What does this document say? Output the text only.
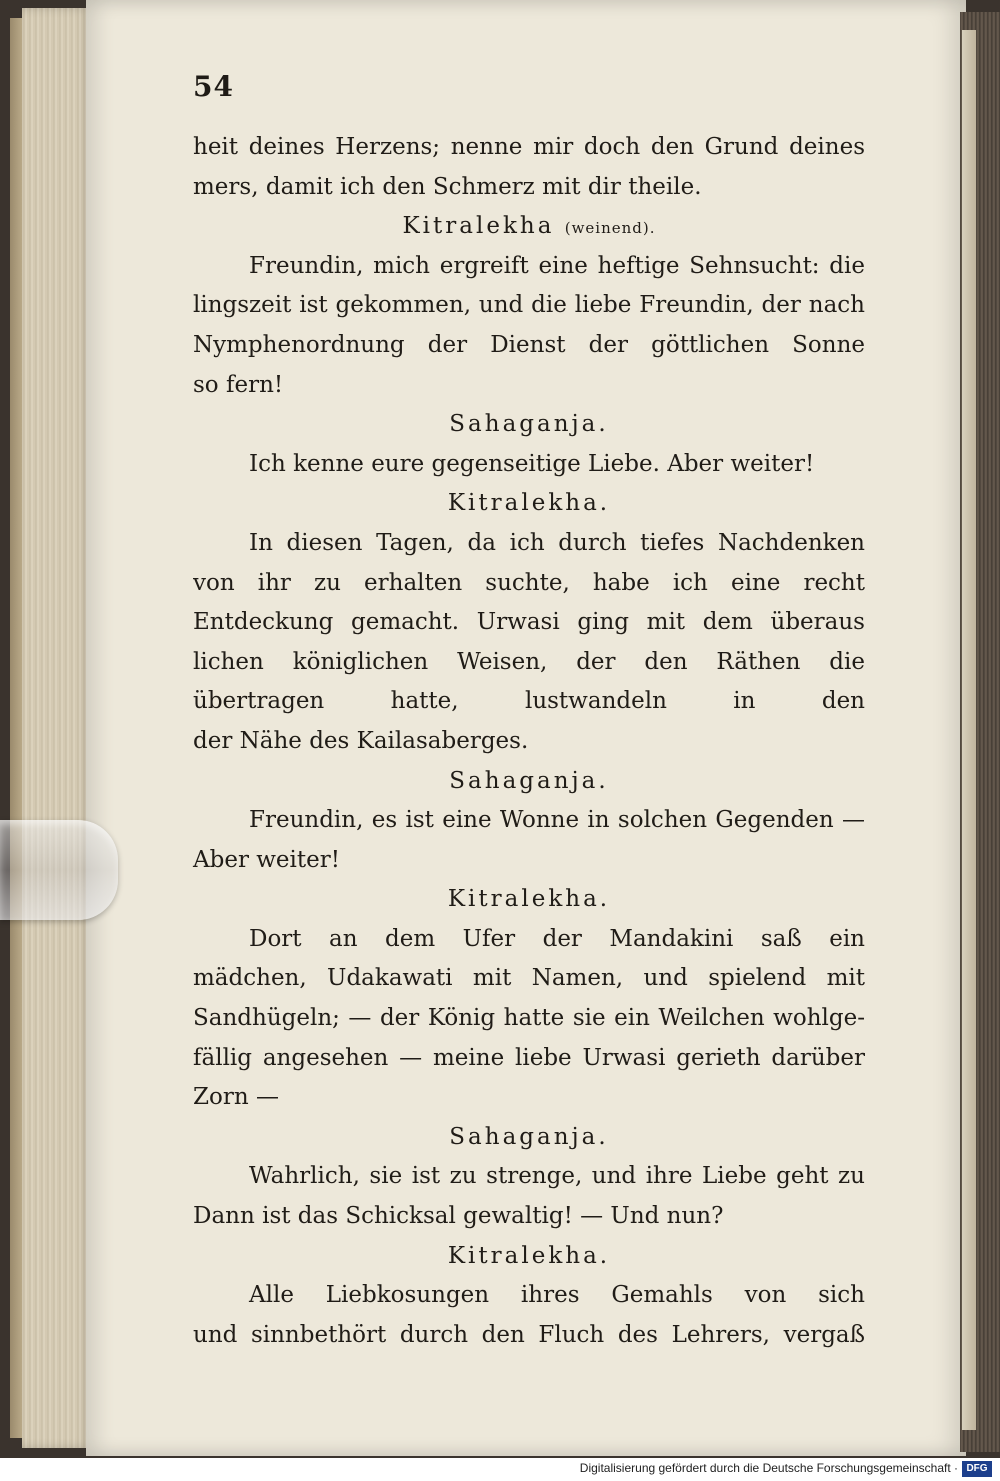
54
heit deines Herzens; nenne mir doch den Grund deines
mers, damit ich den Schmerz mit dir theile.
Kitralekha (weinend).
Freundin, mich ergreift eine heftige Sehnsucht: die
lingszeit ist gekommen, und die liebe Freundin, der nach
Nymphenordnung der Dienst der göttlichen Sonne
so fern!
Sahaganja.
Ich kenne eure gegenseitige Liebe. Aber weiter!
Kitralekha.
In diesen Tagen, da ich durch tiefes Nachdenken
von ihr zu erhalten suchte, habe ich eine recht
Entdeckung gemacht. Urwasi ging mit dem überaus
lichen königlichen Weisen, der den Räthen die
übertragen hatte, lustwandeln in den
der Nähe des Kailasaberges.
Sahaganja.
Freundin, es ist eine Wonne in solchen Gegenden —
Aber weiter!
Kitralekha.
Dort an dem Ufer der Mandakini saß ein
mädchen, Udakawati mit Namen, und spielend mit
Sandhügeln; — der König hatte sie ein Weilchen wohlge-
fällig angesehen — meine liebe Urwasi gerieth darüber
Zorn —
Sahaganja.
Wahrlich, sie ist zu strenge, und ihre Liebe geht zu
Dann ist das Schicksal gewaltig! — Und nun?
Kitralekha.
Alle Liebkosungen ihres Gemahls von sich
und sinnbethört durch den Fluch des Lehrers, vergaß
Digitalisierung gefördert durch die Deutsche Forschungsgemeinschaft · DFG
